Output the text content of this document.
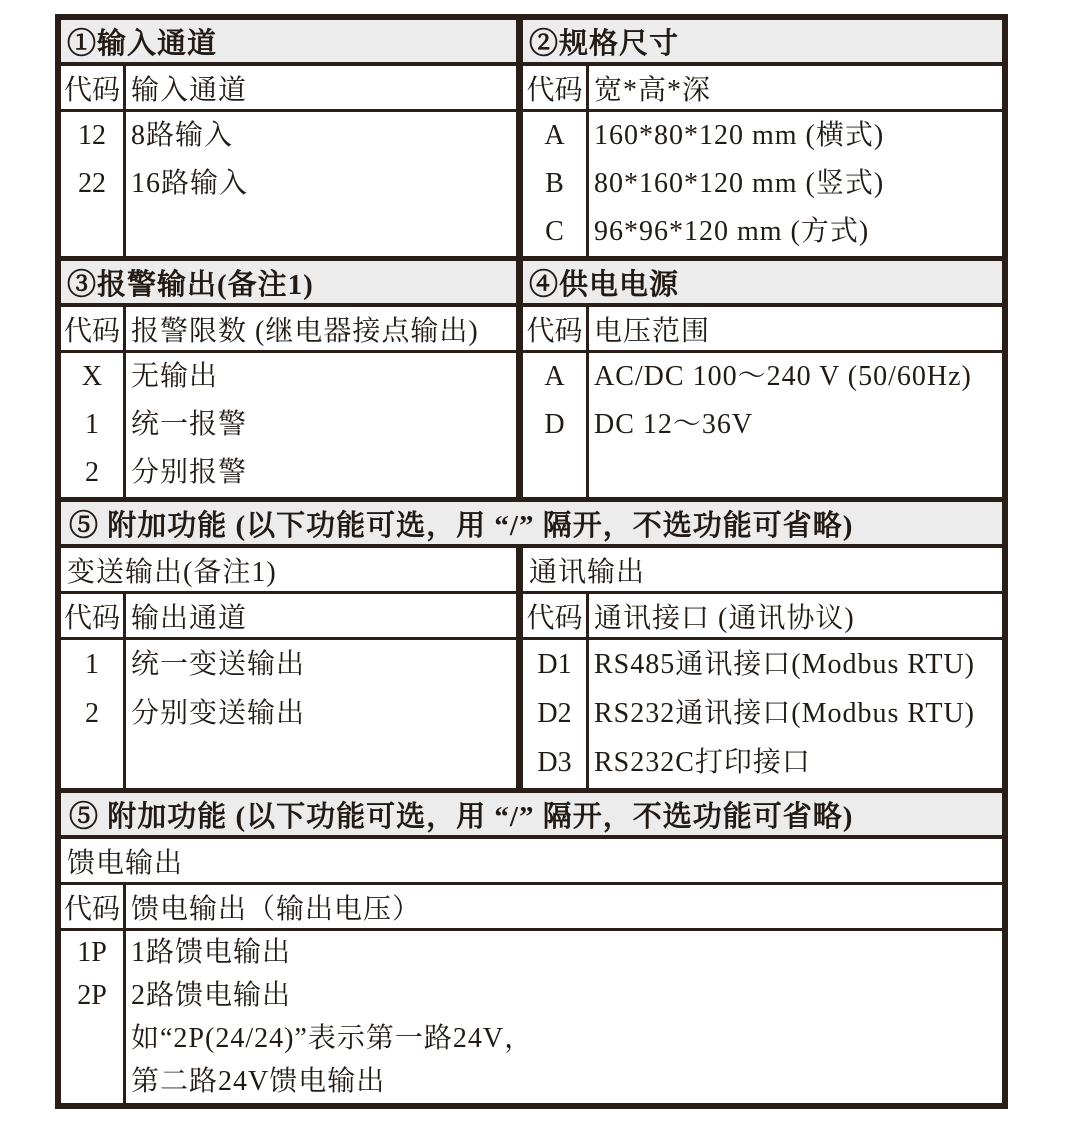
①输入通道
代码 输入通道
12
22
8路输入
16路输入
②规格尺寸
代码 宽*高*深
A
B
C
160*80*120 mm (横式)
80*160*120 mm (竖式)
96*96*120 mm (方式)
③报警输出(备注1)
代码 报警限数 (继电器接点输出)
X
1
2
无输出
统一报警
分别报警
④供电电源
代码 电压范围
A
D
AC/DC 100～240 V (50/60Hz)
DC 12～36V
⑤ 附加功能 (以下功能可选，用 “/” 隔开，不选功能可省略)
变送输出(备注1)
代码 输出通道
1
2
统一变送输出
分别变送输出
通讯输出
代码 通讯接口 (通讯协议)
D1
D2
D3
RS485通讯接口(Modbus RTU)
RS232通讯接口(Modbus RTU)
RS232C打印接口
⑤ 附加功能 (以下功能可选，用 “/” 隔开，不选功能可省略)
馈电输出
代码 馈电输出（输出电压）
1P
2P
1路馈电输出
2路馈电输出
如“2P(24/24)”表示第一路24V，
第二路24V馈电输出
